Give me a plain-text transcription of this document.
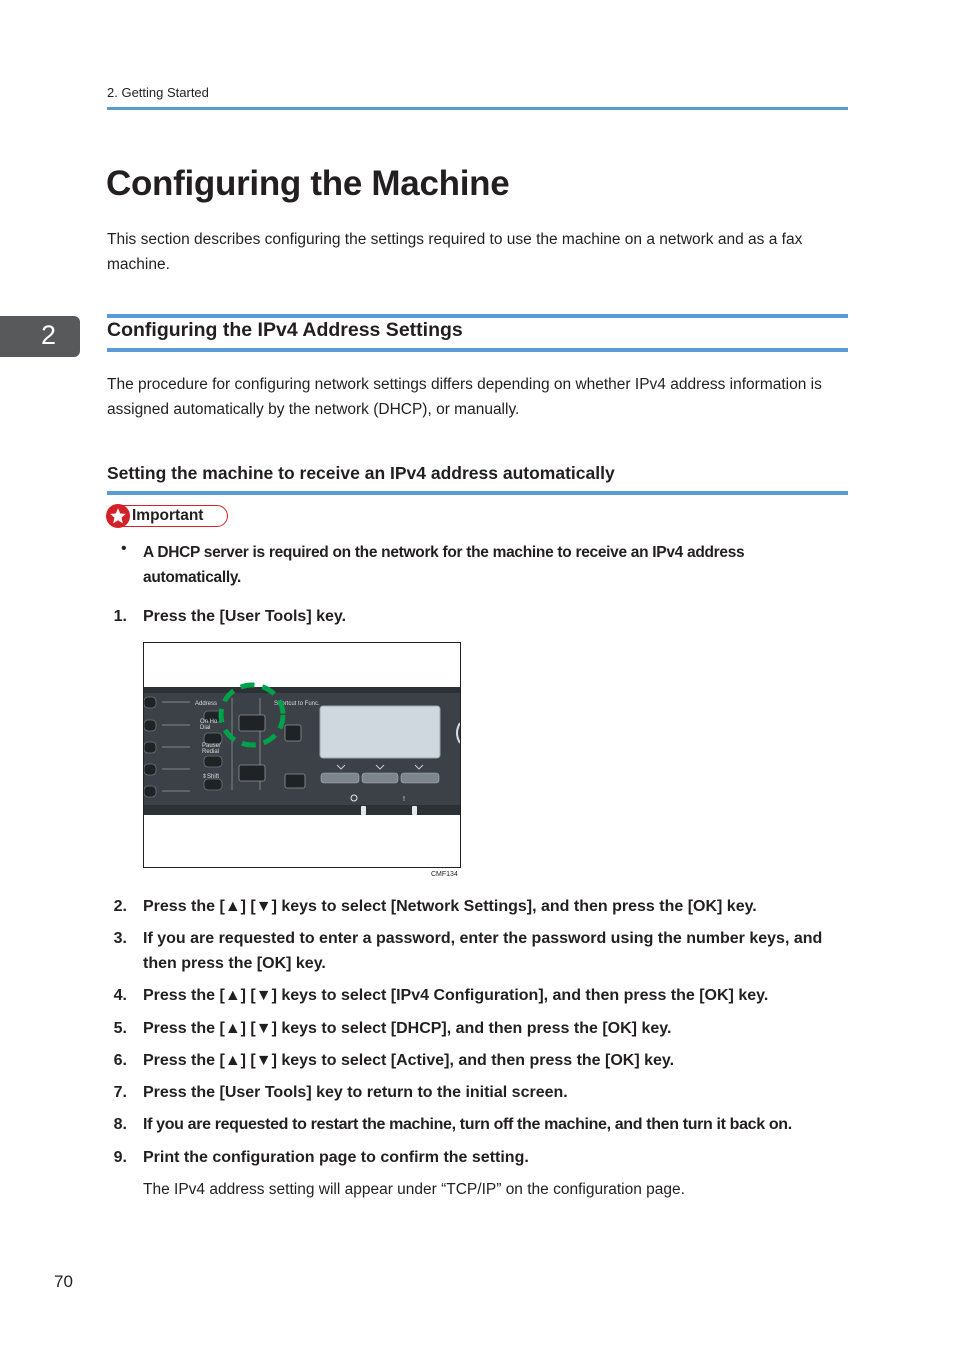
2. Getting Started
Configuring the Machine

This section describes configuring the settings required to use the machine on a network and as a fax machine.

2	Configuring the IPv4 Address Settings

The procedure for configuring network settings differs depending on whether IPv4 address information is assigned automatically by the network (DHCP), or manually.

Setting the machine to receive an IPv4 address automatically
Important
• A DHCP server is required on the network for the machine to receive an IPv4 address automatically.

1. Press the [User Tools] key.
Address
On Ho
Dial
Pause/
Redial
⇕Shift
Shortcut to Func.
!
CMF134
2. Press the [▲] [▼] keys to select [Network Settings], and then press the [OK] key.
3. If you are requested to enter a password, enter the password using the number keys, and then press the [OK] key.
4. Press the [▲] [▼] keys to select [IPv4 Configuration], and then press the [OK] key.
5. Press the [▲] [▼] keys to select [DHCP], and then press the [OK] key.
6. Press the [▲] [▼] keys to select [Active], and then press the [OK] key.
7. Press the [User Tools] key to return to the initial screen.
8. If you are requested to restart the machine, turn off the machine, and then turn it back on.
9. Print the configuration page to confirm the setting.

The IPv4 address setting will appear under “TCP/IP” on the configuration page.

70
